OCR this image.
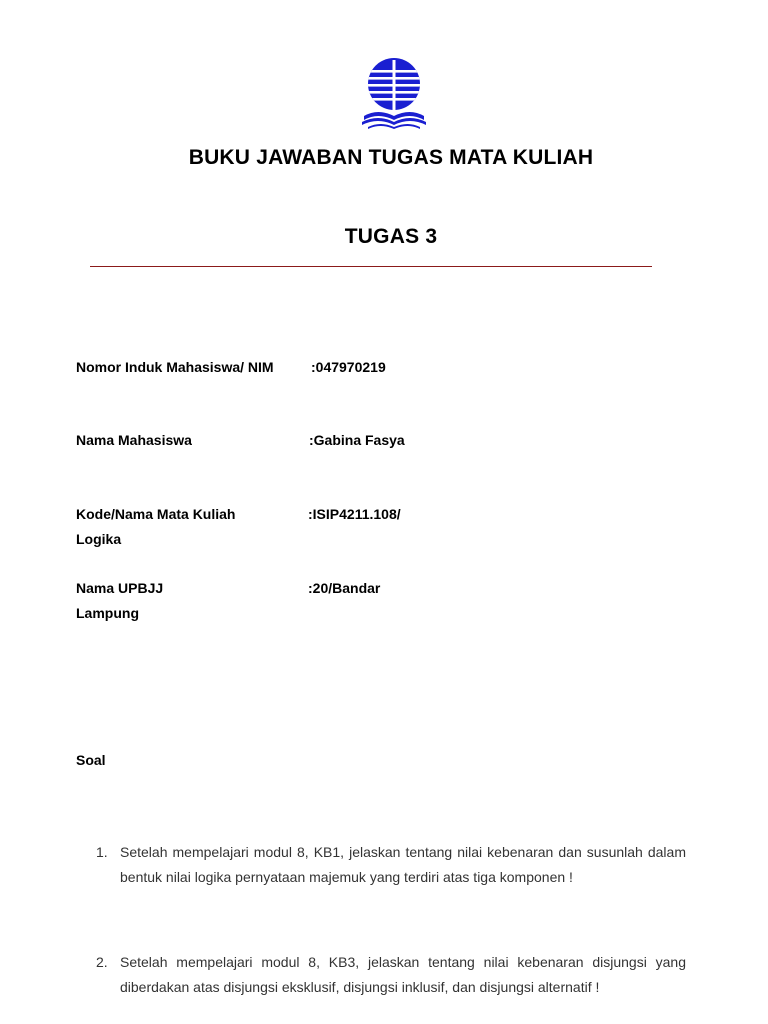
BUKU JAWABAN TUGAS MATA KULIAH
TUGAS 3
Nomor Induk Mahasiswa/ NIM	:047970219
Nama Mahasiswa	:Gabina Fasya
Kode/Nama Mata Kuliah	:ISIP4211.108/
Logika
Nama UPBJJ	:20/Bandar
Lampung
Soal
1. Setelah mempelajari modul 8, KB1, jelaskan tentang nilai kebenaran dan susunlah dalam bentuk nilai logika pernyataan majemuk yang terdiri atas tiga komponen !
2. Setelah mempelajari modul 8, KB3, jelaskan tentang nilai kebenaran disjungsi yang diberdakan atas disjungsi eksklusif, disjungsi inklusif, dan disjungsi alternatif !
